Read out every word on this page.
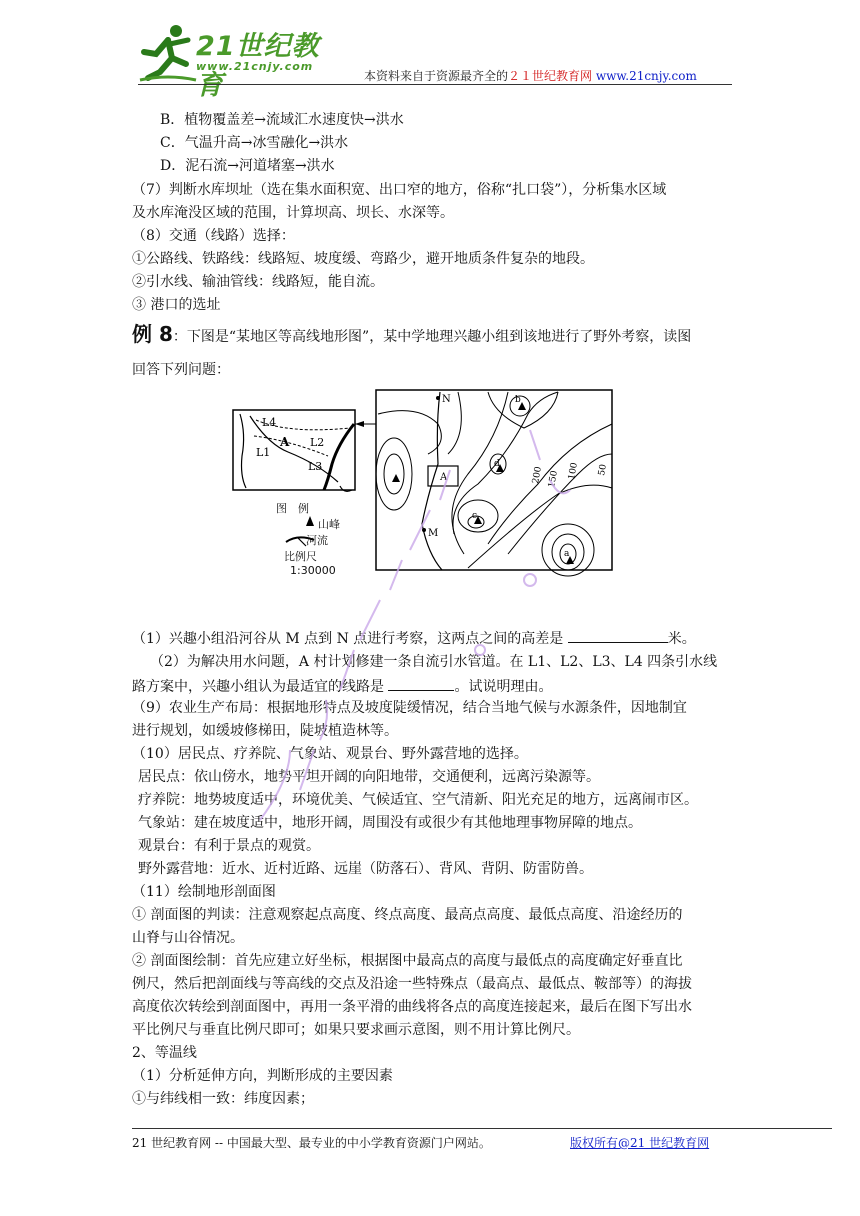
21世纪教育
www.21cnjy.com
本资料来自于资源最齐全的２１世纪教育网 www.21cnjy.com
B．植物覆盖差→流域汇水速度快→洪水
C．气温升高→冰雪融化→洪水
D．泥石流→河道堵塞→洪水
（7）判断水库坝址（选在集水面积宽、出口窄的地方，俗称“扎口袋”），分析集水区域
及水库淹没区域的范围，计算坝高、坝长、水深等。
（8）交通（线路）选择：
①公路线、铁路线：线路短、坡度缓、弯路少，避开地质条件复杂的地段。
②引水线、输油管线：线路短，能自流。
③ 港口的选址
例 8：下图是“某地区等高线地形图”，某中学地理兴趣小组到该地进行了野外考察，读图
回答下列问题：
L4
L1
A L2
L3
N
M
A	200 150 100 50
b
c
d
a
图　例
山峰
河流
比例尺
1:30000
（1）兴趣小组沿河谷从 M 点到 N 点进行考察，这两点之间的高差是	米。
（2）为解决用水问题，A 村计划修建一条自流引水管道。在 L1、L2、L3、L4 四条引水线
路方案中，兴趣小组认为最适宜的线路是	。试说明理由。
（9）农业生产布局：根据地形特点及坡度陡缓情况，结合当地气候与水源条件，因地制宜
进行规划，如缓坡修梯田，陡坡植造林等。
（10）居民点、疗养院、气象站、观景台、野外露营地的选择。
居民点：依山傍水，地势平坦开阔的向阳地带，交通便利，远离污染源等。
疗养院：地势坡度适中，环境优美、气候适宜、空气清新、阳光充足的地方，远离闹市区。
气象站：建在坡度适中，地形开阔，周围没有或很少有其他地理事物屏障的地点。
观景台：有利于景点的观赏。
野外露营地：近水、近村近路、远崖（防落石）、背风、背阴、防雷防兽。
（11）绘制地形剖面图
① 剖面图的判读：注意观察起点高度、终点高度、最高点高度、最低点高度、沿途经历的
山脊与山谷情况。
② 剖面图绘制：首先应建立好坐标，根据图中最高点的高度与最低点的高度确定好垂直比
例尺，然后把剖面线与等高线的交点及沿途一些特殊点（最高点、最低点、鞍部等）的海拔
高度依次转绘到剖面图中，再用一条平滑的曲线将各点的高度连接起来，最后在图下写出水
平比例尺与垂直比例尺即可；如果只要求画示意图，则不用计算比例尺。
2、等温线
（1）分析延伸方向，判断形成的主要因素
①与纬线相一致：纬度因素；
21 世纪教育网 -- 中国最大型、最专业的中小学教育资源门户网站。	版权所有@21 世纪教育网
